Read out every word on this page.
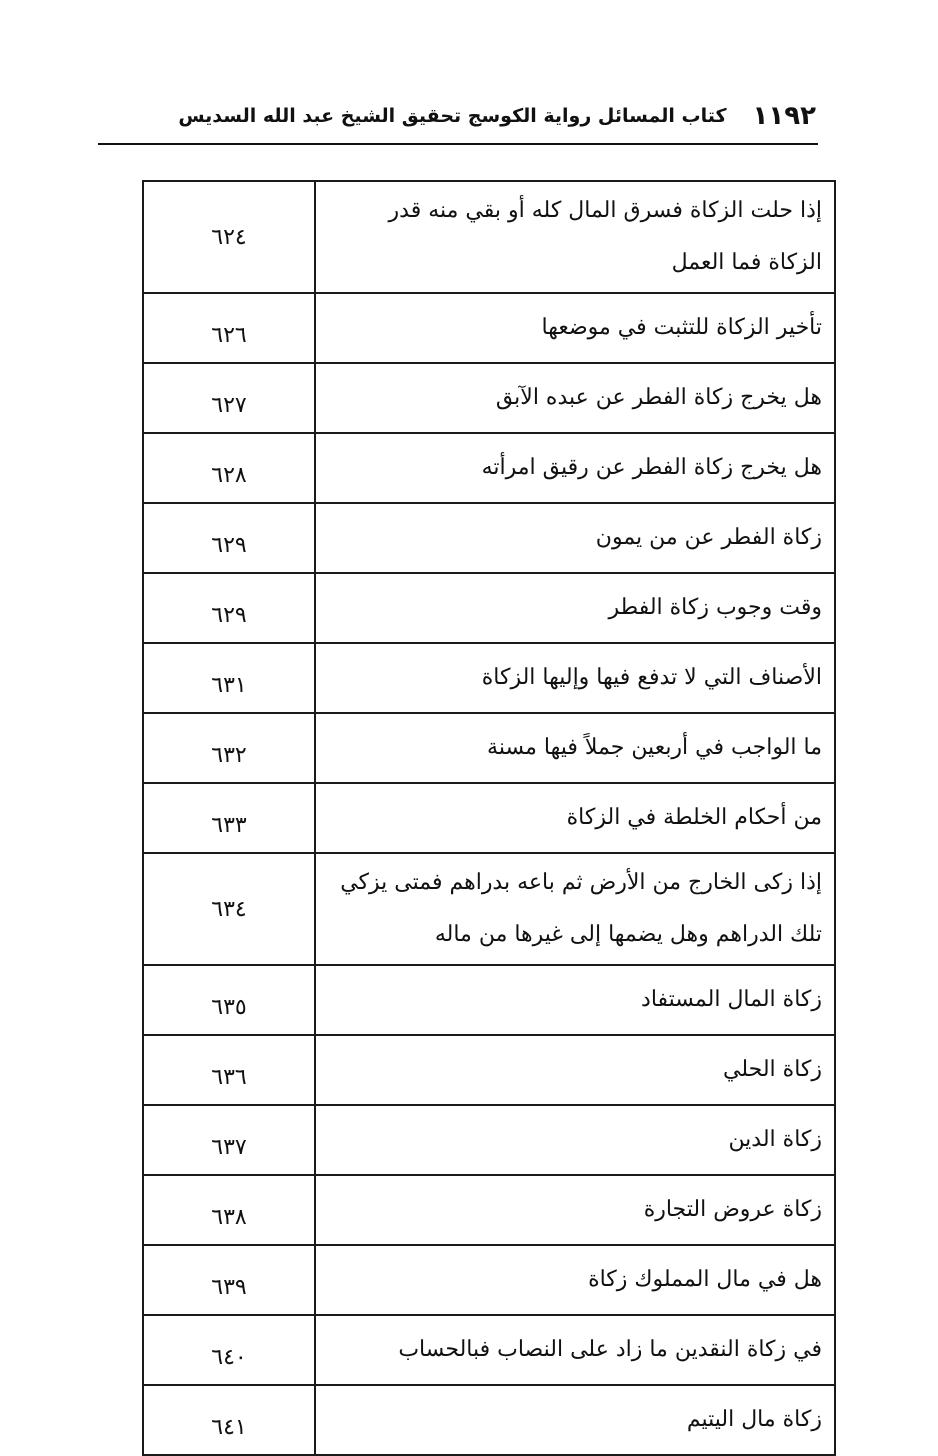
١١٩٢
كتاب المسائل رواية الكوسج تحقيق الشيخ عبد الله السديس
إذا حلت الزكاة فسرق المال كله أو بقي منه قدر الزكاة فما العمل	٦٢٤
تأخير الزكاة للتثبت في موضعها	٦٢٦
هل يخرج زكاة الفطر عن عبده الآبق	٦٢٧
هل يخرج زكاة الفطر عن رقيق امرأته	٦٢٨
زكاة الفطر عن من يمون	٦٢٩
وقت وجوب زكاة الفطر	٦٢٩
الأصناف التي لا تدفع فيها وإليها الزكاة	٦٣١
ما الواجب في أربعين جملاً فيها مسنة	٦٣٢
من أحكام الخلطة في الزكاة	٦٣٣
إذا زكى الخارج من الأرض ثم باعه بدراهم فمتى يزكي تلك الدراهم وهل يضمها إلى غيرها من ماله	٦٣٤
زكاة المال المستفاد	٦٣٥
زكاة الحلي	٦٣٦
زكاة الدين	٦٣٧
زكاة عروض التجارة	٦٣٨
هل في مال المملوك زكاة	٦٣٩
في زكاة النقدين ما زاد على النصاب فبالحساب	٦٤٠
زكاة مال اليتيم	٦٤١
